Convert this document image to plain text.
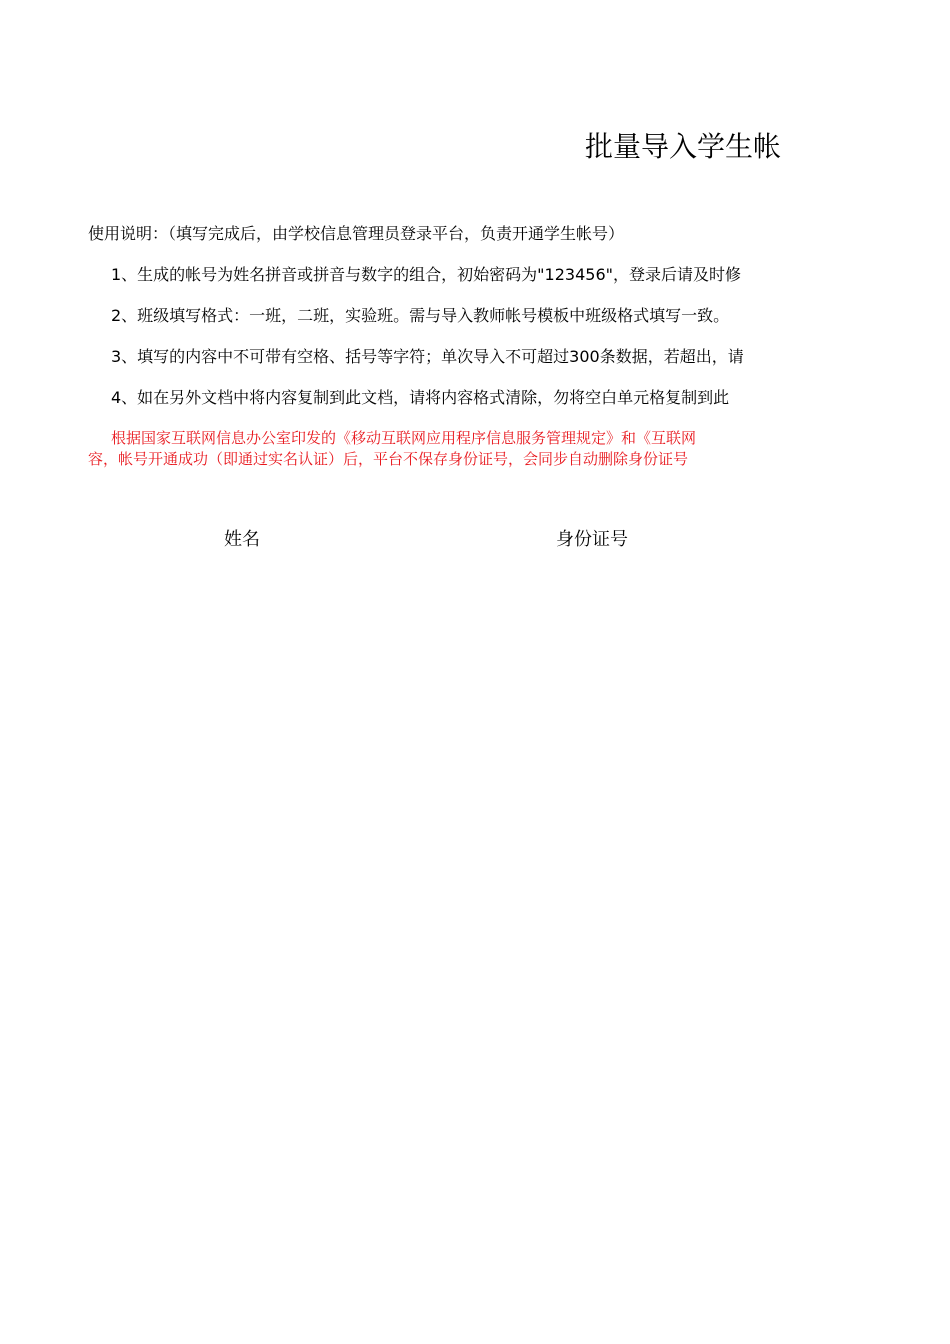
批量导入学生帐
使用说明：（填写完成后，由学校信息管理员登录平台，负责开通学生帐号）
1、生成的帐号为姓名拼音或拼音与数字的组合，初始密码为"123456"，登录后请及时修
2、班级填写格式：一班，二班，实验班。需与导入教师帐号模板中班级格式填写一致。
3、填写的内容中不可带有空格、括号等字符；单次导入不可超过300条数据，若超出，请
4、如在另外文档中将内容复制到此文档，请将内容格式清除，勿将空白单元格复制到此
根据国家互联网信息办公室印发的《移动互联网应用程序信息服务管理规定》和《互联网
容，帐号开通成功（即通过实名认证）后，平台不保存身份证号，会同步自动删除身份证号
姓名	身份证号
